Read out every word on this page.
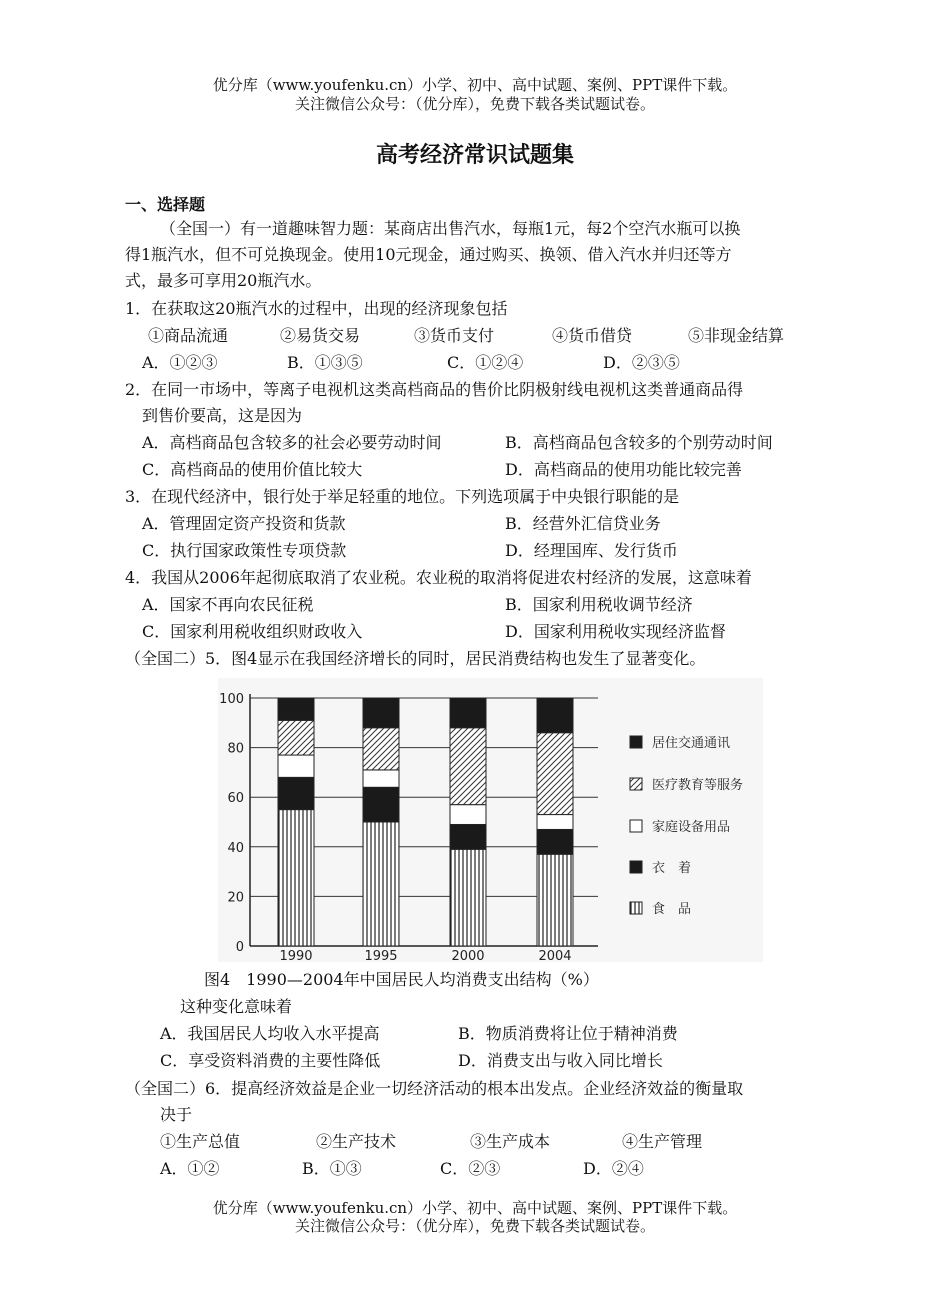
优分库（www.youfenku.cn）小学、初中、高中试题、案例、PPT课件下载。
关注微信公众号：（优分库），免费下载各类试题试卷。
高考经济常识试题集
一、选择题
（全国一）有一道趣味智力题：某商店出售汽水，每瓶1元，每2个空汽水瓶可以换
得1瓶汽水，但不可兑换现金。使用10元现金，通过购买、换领、借入汽水并归还等方
式，最多可享用20瓶汽水。
1．在获取这20瓶汽水的过程中，出现的经济现象包括
①商品流通	②易货交易	③货币支付	④货币借贷	⑤非现金结算
A．①②③	B．①③⑤	C．①②④	D．②③⑤
2．在同一市场中，等离子电视机这类高档商品的售价比阴极射线电视机这类普通商品得
到售价要高，这是因为
A．高档商品包含较多的社会必要劳动时间	B．高档商品包含较多的个别劳动时间
C．高档商品的使用价值比较大	D．高档商品的使用功能比较完善
3．在现代经济中，银行处于举足轻重的地位。下列选项属于中央银行职能的是
A．管理固定资产投资和货款	B．经营外汇信贷业务
C．执行国家政策性专项贷款	D．经理国库、发行货币
4．我国从2006年起彻底取消了农业税。农业税的取消将促进农村经济的发展，这意味着
A．国家不再向农民征税	B．国家利用税收调节经济
C．国家利用税收组织财政收入	D．国家利用税收实现经济监督
（全国二）5．图4显示在我国经济增长的同时，居民消费结构也发生了显著变化。
0
20
40
60
80
100
1990	1995	2000	2004
居住交通通讯
医疗教育等服务
家庭设备用品
衣　着
食　品
图4　1990—2004年中国居民人均消费支出结构（%）
这种变化意味着
A．我国居民人均收入水平提高	B．物质消费将让位于精神消费
C．享受资料消费的主要性降低	D．消费支出与收入同比增长
（全国二）6．提高经济效益是企业一切经济活动的根本出发点。企业经济效益的衡量取
决于
①生产总值	②生产技术	③生产成本	④生产管理
A．①②	B．①③	C．②③	D．②④
优分库（www.youfenku.cn）小学、初中、高中试题、案例、PPT课件下载。
关注微信公众号：（优分库），免费下载各类试题试卷。
